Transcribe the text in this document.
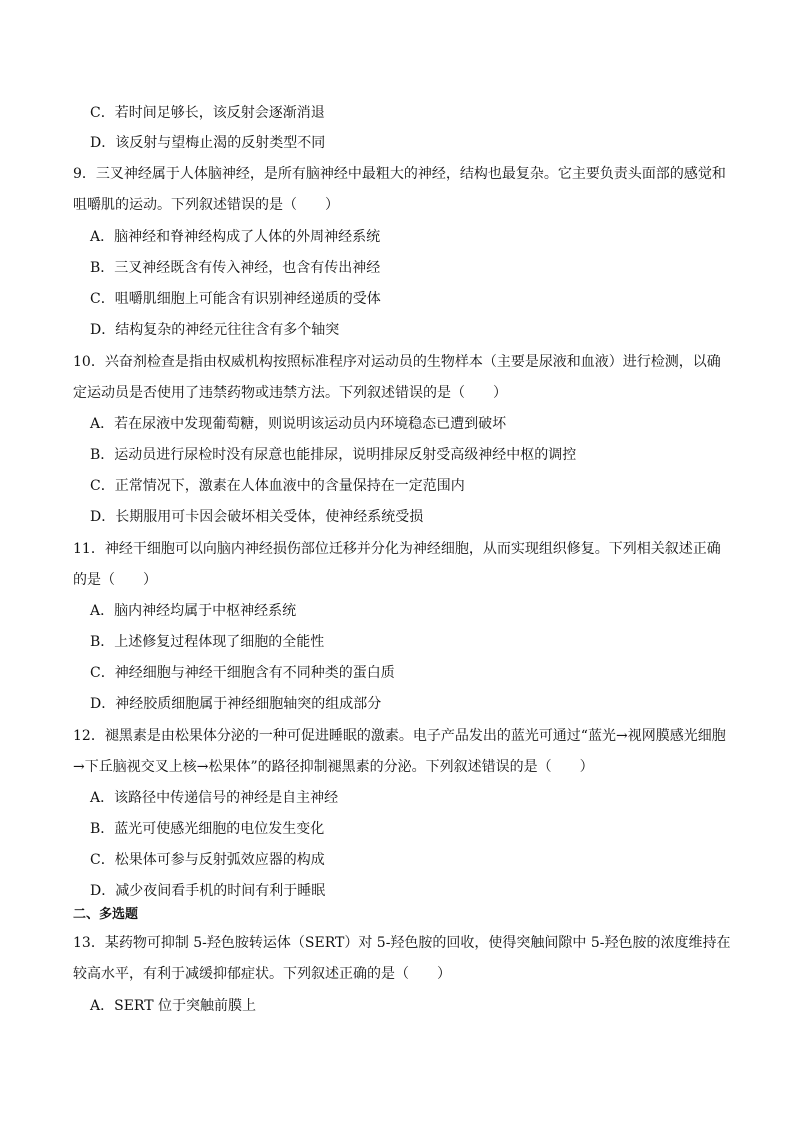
C．若时间足够长，该反射会逐渐消退
D．该反射与望梅止渴的反射类型不同
9．三叉神经属于人体脑神经，是所有脑神经中最粗大的神经，结构也最复杂。它主要负责头面部的感觉和
咀嚼肌的运动。下列叙述错误的是（　　）
A．脑神经和脊神经构成了人体的外周神经系统
B．三叉神经既含有传入神经，也含有传出神经
C．咀嚼肌细胞上可能含有识别神经递质的受体
D．结构复杂的神经元往往含有多个轴突
10．兴奋剂检查是指由权威机构按照标准程序对运动员的生物样本（主要是尿液和血液）进行检测，以确
定运动员是否使用了违禁药物或违禁方法。下列叙述错误的是（　　）
A．若在尿液中发现葡萄糖，则说明该运动员内环境稳态已遭到破坏
B．运动员进行尿检时没有尿意也能排尿，说明排尿反射受高级神经中枢的调控
C．正常情况下，激素在人体血液中的含量保持在一定范围内
D．长期服用可卡因会破坏相关受体，使神经系统受损
11．神经干细胞可以向脑内神经损伤部位迁移并分化为神经细胞，从而实现组织修复。下列相关叙述正确
的是（　　）
A．脑内神经均属于中枢神经系统
B．上述修复过程体现了细胞的全能性
C．神经细胞与神经干细胞含有不同种类的蛋白质
D．神经胶质细胞属于神经细胞轴突的组成部分
12．褪黑素是由松果体分泌的一种可促进睡眠的激素。电子产品发出的蓝光可通过“蓝光→视网膜感光细胞
→下丘脑视交叉上核→松果体”的路径抑制褪黑素的分泌。下列叙述错误的是（　　）
A．该路径中传递信号的神经是自主神经
B．蓝光可使感光细胞的电位发生变化
C．松果体可参与反射弧效应器的构成
D．减少夜间看手机的时间有利于睡眠
二、多选题
13．某药物可抑制 5-羟色胺转运体（SERT）对 5-羟色胺的回收，使得突触间隙中 5-羟色胺的浓度维持在
较高水平，有利于减缓抑郁症状。下列叙述正确的是（　　）
A．SERT 位于突触前膜上
